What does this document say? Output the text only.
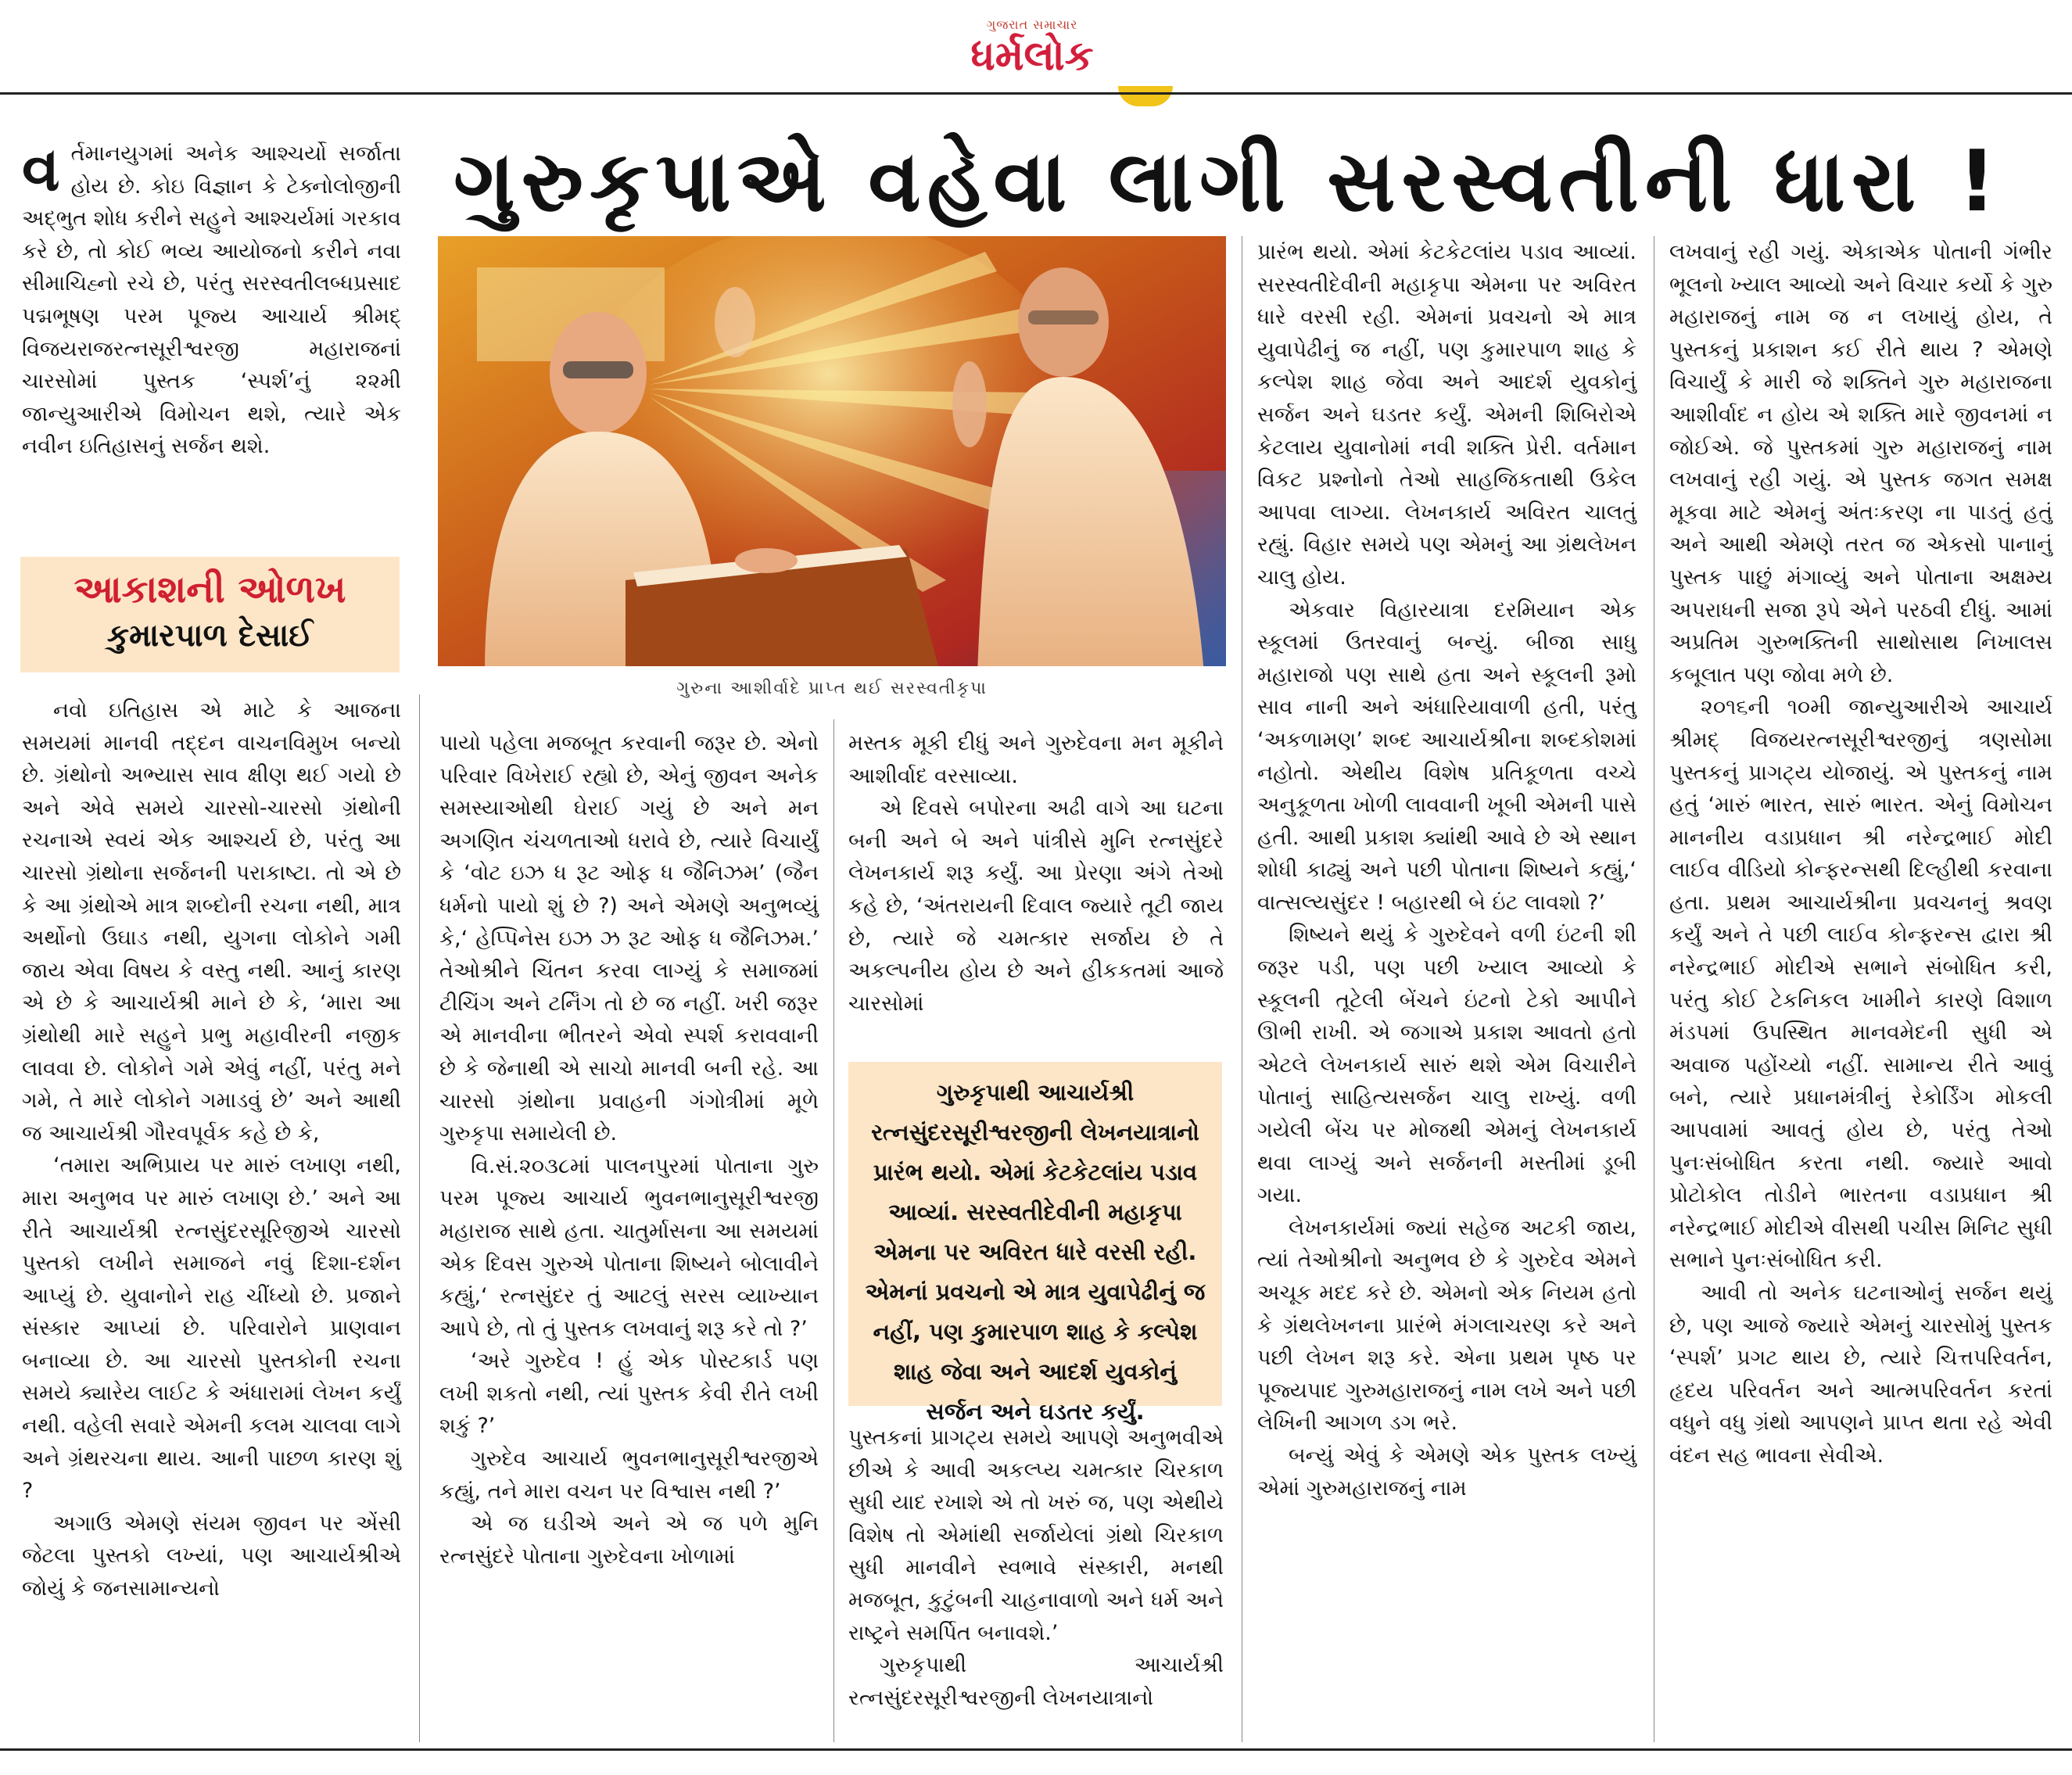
ગુજરાત સમાચાર
ધર્મલોક
વ ર્તમાનયુગમાં અનેક આશ્ચર્યો સર્જાતા હોય છે. કોઇ વિજ્ઞાન કે ટેક્નોલોજીની અદ્‌ભુત શોધ કરીને સહુને આશ્ચર્યમાં ગરકાવ કરે છે, તો કોઈ ભવ્ય આયોજનો કરીને નવા સીમાચિહ્નો રચે છે, પરંતુ સરસ્વતીલબ્ધપ્રસાદ પદ્મભૂષણ પરમ પૂજ્ય આચાર્ય શ્રીમદ્‌ વિજયરાજરત્નસૂરીશ્વરજી મહારાજનાં ચારસોમાં પુસ્તક ‘સ્પર્શ’નું ૨૨મી જાન્યુઆરીએ વિમોચન થશે, ત્યારે એક નવીન ઇતિહાસનું સર્જન થશે.

ગુરુકૃપાએ વહેવા લાગી સરસ્વતીની ધારા !
આકાશની ઓળખ
કુમારપાળ દેસાઈ
ગુરુના આશીર્વાદે પ્રાપ્ત થઈ સરસ્વતીકૃપા

નવો ઇતિહાસ એ માટે કે આજના સમયમાં માનવી તદ્દન વાચનવિમુખ બન્યો છે. ગ્રંથોનો અભ્યાસ સાવ ક્ષીણ થઈ ગયો છે અને એવે સમયે ચારસો-ચારસો ગ્રંથોની રચનાએ સ્વયં એક આશ્ચર્ય છે, પરંતુ આ ચારસો ગ્રંથોના સર્જનની પરાકાષ્ટા. તો એ છે કે આ ગ્રંથોએ માત્ર શબ્દોની રચના નથી, માત્ર અર્થોનો ઉઘાડ નથી, યુગના લોકોને ગમી જાય એવા વિષય કે વસ્તુ નથી. આનું કારણ એ છે કે આચાર્યશ્રી માને છે કે, ‘મારા આ ગ્રંથોથી મારે સહુને પ્રભુ મહાવીરની નજીક લાવવા છે. લોકોને ગમે એવું નહીં, પરંતુ મને ગમે, તે મારે લોકોને ગમાડવું છે’ અને આથી જ આચાર્યશ્રી ગૌરવપૂર્વક કહે છે કે,

‘તમારા અભિપ્રાય પર મારું લખાણ નથી, મારા અનુભવ પર મારું લખાણ છે.’ અને આ રીતે આચાર્યશ્રી રત્નસુંદરસૂરિજીએ ચારસો પુસ્તકો લખીને સમાજને નવું દિશા-દર્શન આપ્યું છે. યુવાનોને રાહ ચીંધ્યો છે. પ્રજાને સંસ્કાર આપ્યાં છે. પરિવારોને પ્રાણવાન બનાવ્યા છે. આ ચારસો પુસ્તકોની રચના સમયે ક્યારેય લાઈટ કે અંધારામાં લેખન કર્યું નથી. વહેલી સવારે એમની કલમ ચાલવા લાગે અને ગ્રંથરચના થાય. આની પાછળ કારણ શું ?

અગાઉ એમણે સંયમ જીવન પર એંસી જેટલા પુસ્તકો લખ્યાં, પણ આચાર્યશ્રીએ જોયું કે જનસામાન્યનો

પાયો પહેલા મજબૂત કરવાની જરૂર છે. એનો પરિવાર વિખેરાઈ રહ્યો છે, એનું જીવન અનેક સમસ્યાઓથી ઘેરાઈ ગયું છે અને મન અગણિત ચંચળતાઓ ધરાવે છે, ત્યારે વિચાર્યું કે ‘વોટ ઇઝ ધ રૂટ ઓફ ધ જૈનિઝમ’ (જૈન ધર્મનો પાયો શું છે ?) અને એમણે અનુભવ્યું કે,‘ હેપ્પિનેસ ઇઝ ઝ રૂટ ઓફ ધ જૈનિઝમ.’ તેઓશ્રીને ચિંતન કરવા લાગ્યું કે સમાજમાં ટીચિંગ અને ટર્નિંગ તો છે જ નહીં. ખરી જરૂર એ માનવીના ભીતરને એવો સ્પર્શ કરાવવાની છે કે જેનાથી એ સાચો માનવી બની રહે. આ ચારસો ગ્રંથોના પ્રવાહની ગંગોત્રીમાં મૂળે ગુરુકૃપા સમાયેલી છે.

વિ.સં.૨૦૩૮માં પાલનપુરમાં પોતાના ગુરુ પરમ પૂજ્ય આચાર્ય ભુવનભાનુસૂરીશ્વરજી મહારાજ સાથે હતા. ચાતુર્માસના આ સમયમાં એક દિવસ ગુરુએ પોતાના શિષ્યને બોલાવીને કહ્યું,‘ રત્નસુંદર તું આટલું સરસ વ્યાખ્યાન આપે છે, તો તું પુસ્તક લખવાનું શરૂ કરે તો ?’

‘અરે ગુરુદેવ ! હું એક પોસ્ટકાર્ડ પણ લખી શકતો નથી, ત્યાં પુસ્તક કેવી રીતે લખી શકું ?’

ગુરુદેવ આચાર્ય ભુવનભાનુસૂરીશ્વરજીએ કહ્યું, તને મારા વચન પર વિશ્વાસ નથી ?’

એ જ ઘડીએ અને એ જ પળે મુનિ રત્નસુંદરે પોતાના ગુરુદેવના ખોળામાં

મસ્તક મૂકી દીધું અને ગુરુદેવના મન મૂકીને આશીર્વાદ વરસાવ્યા.

એ દિવસે બપોરના અઢી વાગે આ ઘટના બની અને બે અને પાંત્રીસે મુનિ રત્નસુંદરે લેખનકાર્ય શરૂ કર્યું. આ પ્રેરણા અંગે તેઓ કહે છે, ‘અંતરાયની દિવાલ જ્યારે તૂટી જાય છે, ત્યારે જે ચમત્કાર સર્જાય છે તે અકલ્પનીય હોય છે અને હીકકતમાં આજે ચારસોમાં

ગુરુકૃપાથી આચાર્યશ્રી રત્નસુંદરસૂરીશ્વરજીની લેખનયાત્રાનો પ્રારંભ થયો. એમાં કેટકેટલાંય પડાવ આવ્યાં. સરસ્વતીદેવીની મહાકૃપા એમના પર અવિરત ધારે વરસી રહી. એમનાં પ્રવચનો એ માત્ર યુવાપેઢીનું જ નહીં, પણ કુમારપાળ શાહ કે કલ્પેશ શાહ જેવા અને આદર્શ યુવકોનું સર્જન અને ઘડતર કર્યું.

પુસ્તકનાં પ્રાગટ્ય સમયે આપણે અનુભવીએ છીએ કે આવી અકલ્પ્ય ચમત્કાર ચિરકાળ સુધી યાદ રખાશે એ તો ખરું જ, પણ એથીયે વિશેષ તો એમાંથી સર્જાયેલાં ગ્રંથો ચિરકાળ સુધી માનવીને સ્વભાવે સંસ્કારી, મનથી મજબૂત, કુટુંબની ચાહનાવાળો અને ધર્મ અને રાષ્ટ્રને સમર્પિત બનાવશે.’

ગુરુકૃપાથી આચાર્યશ્રી રત્નસુંદરસૂરીશ્વરજીની લેખનયાત્રાનો

પ્રારંભ થયો. એમાં કેટકેટલાંય પડાવ આવ્યાં. સરસ્વતીદેવીની મહાકૃપા એમના પર અવિરત ધારે વરસી રહી. એમનાં પ્રવચનો એ માત્ર યુવાપેઢીનું જ નહીં, પણ કુમારપાળ શાહ કે કલ્પેશ શાહ જેવા અને આદર્શ યુવકોનું સર્જન અને ઘડતર કર્યું. એમની શિબિરોએ કેટલાય યુવાનોમાં નવી શક્તિ પ્રેરી. વર્તમાન વિકટ પ્રશ્નોનો તેઓ સાહજિકતાથી ઉકેલ આપવા લાગ્યા. લેખનકાર્ય અવિરત ચાલતું રહ્યું. વિહાર સમયે પણ એમનું આ ગ્રંથલેખન ચાલુ હોય.

એકવાર વિહારયાત્રા દરમિયાન એક સ્કૂલમાં ઉતરવાનું બન્યું. બીજા સાધુ મહારાજો પણ સાથે હતા અને સ્કૂલની રૂમો સાવ નાની અને અંધારિયાવાળી હતી, પરંતુ ‘અકળામણ’ શબ્દ આચાર્યશ્રીના શબ્દકોશમાં નહોતો. એથીય વિશેષ પ્રતિકૂળતા વચ્ચે અનુકૂળતા ખોળી લાવવાની ખૂબી એમની પાસે હતી. આથી પ્રકાશ ક્યાંથી આવે છે એ સ્થાન શોધી કાઢ્યું અને પછી પોતાના શિષ્યને કહ્યું,‘ વાત્સલ્યસુંદર ! બહારથી બે ઇંટ લાવશો ?’

શિષ્યને થયું કે ગુરુદેવને વળી ઇંટની શી જરૂર પડી, પણ પછી ખ્યાલ આવ્યો કે સ્કૂલની તૂટેલી બેંચને ઇંટનો ટેકો આપીને ઊભી રાખી. એ જગાએ પ્રકાશ આવતો હતો એટલે લેખનકાર્ય સારું થશે એમ વિચારીને પોતાનું સાહિત્યસર્જન ચાલુ રાખ્યું. વળી ગયેલી બેંચ પર મોજથી એમનું લેખનકાર્ય થવા લાગ્યું અને સર્જનની મસ્તીમાં ડૂબી ગયા.

લેખનકાર્યમાં જ્યાં સહેજ અટકી જાય, ત્યાં તેઓશ્રીનો અનુભવ છે કે ગુરુદેવ એમને અચૂક મદદ કરે છે. એમનો એક નિયમ હતો કે ગ્રંથલેખનના પ્રારંભે મંગલાચરણ કરે અને પછી લેખન શરૂ કરે. એના પ્રથમ પૃષ્ઠ પર પૂજ્યપાદ ગુરુમહારાજનું નામ લખે અને પછી લેખિની આગળ ડગ ભરે.

બન્યું એવું કે એમણે એક પુસ્તક લખ્યું એમાં ગુરુમહારાજનું નામ

લખવાનું રહી ગયું. એકાએક પોતાની ગંભીર ભૂલનો ખ્યાલ આવ્યો અને વિચાર કર્યો કે ગુરુ મહારાજનું નામ જ ન લખાયું હોય, તે પુસ્તકનું પ્રકાશન કઈ રીતે થાય ? એમણે વિચાર્યું કે મારી જે શક્તિને ગુરુ મહારાજના આશીર્વાદ ન હોય એ શક્તિ મારે જીવનમાં ન જોઈએ. જે પુસ્તકમાં ગુરુ મહારાજનું નામ લખવાનું રહી ગયું. એ પુસ્તક જગત સમક્ષ મૂકવા માટે એમનું અંતઃકરણ ના પાડતું હતું અને આથી એમણે તરત જ એકસો પાનાનું પુસ્તક પાછું મંગાવ્યું અને પોતાના અક્ષમ્ય અપરાધની સજા રૂપે એને પરઠવી દીધું. આમાં અપ્રતિમ ગુરુભક્તિની સાથોસાથ નિખાલસ કબૂલાત પણ જોવા મળે છે.

૨૦૧૬ની ૧૦મી જાન્યુઆરીએ આચાર્ય શ્રીમદ્‌ વિજયરત્નસૂરીશ્વરજીનું ત્રણસોમા પુસ્તકનું પ્રાગટ્ય યોજાયું. એ પુસ્તકનું નામ હતું ‘મારું ભારત, સારું ભારત. એનું વિમોચન માનનીય વડાપ્રધાન શ્રી નરેન્દ્રભાઈ મોદી લાઈવ વીડિયો કોન્ફરન્સથી દિલ્હીથી કરવાના હતા. પ્રથમ આચાર્યશ્રીના પ્રવચનનું શ્રવણ કર્યું અને તે પછી લાઈવ કોન્ફરન્સ દ્વારા શ્રી નરેન્દ્રભાઈ મોદીએ સભાને સંબોધિત કરી, પરંતુ કોઈ ટેકનિકલ ખામીને કારણે વિશાળ મંડપમાં ઉપસ્થિત માનવમેદની સુધી એ અવાજ પહોંચ્યો નહીં. સામાન્ય રીતે આવું બને, ત્યારે પ્રધાનમંત્રીનું રેકોર્ડિંગ મોકલી આપવામાં આવતું હોય છે, પરંતુ તેઓ પુનઃસંબોધિત કરતા નથી. જ્યારે આવો પ્રોટોકોલ તોડીને ભારતના વડાપ્રધાન શ્રી નરેન્દ્રભાઈ મોદીએ વીસથી પચીસ મિનિટ સુધી સભાને પુનઃસંબોધિત કરી.

આવી તો અનેક ઘટનાઓનું સર્જન થયું છે, પણ આજે જ્યારે એમનું ચારસોમું પુસ્તક ‘સ્પર્શ’ પ્રગટ થાય છે, ત્યારે ચિત્તપરિવર્તન, હૃદય પરિવર્તન અને આત્મપરિવર્તન કરતાં વધુને વધુ ગ્રંથો આપણને પ્રાપ્ત થતા રહે એવી વંદન સહ ભાવના સેવીએ.
